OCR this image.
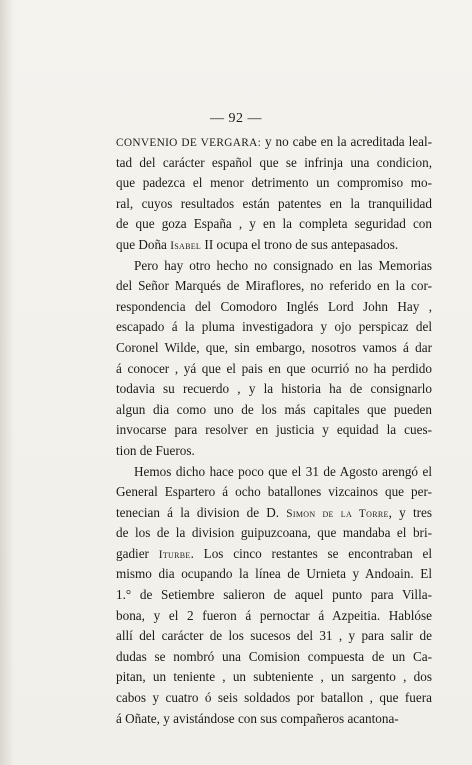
— 92 —
CONVENIO DE VERGARA: y no cabe en la acreditada leal-
tad del carácter español que se infrinja una condicion,
que padezca el menor detrimento un compromiso mo-
ral, cuyos resultados están patentes en la tranquilidad
de que goza España , y en la completa seguridad con
que Doña Isabel II ocupa el trono de sus antepasados.
Pero hay otro hecho no consignado en las Memorias
del Señor Marqués de Miraflores, no referido en la cor-
respondencia del Comodoro Inglés Lord John Hay ,
escapado á la pluma investigadora y ojo perspicaz del
Coronel Wilde, que, sin embargo, nosotros vamos á dar
á conocer , yá que el pais en que ocurrió no ha perdido
todavia su recuerdo , y la historia ha de consignarlo
algun dia como uno de los más capitales que pueden
invocarse para resolver en justicia y equidad la cues-
tion de Fueros.
Hemos dicho hace poco que el 31 de Agosto arengó el
General Espartero á ocho batallones vizcainos que per-
tenecian á la division de D. Simon de la Torre, y tres
de los de la division guipuzcoana, que mandaba el bri-
gadier Iturbe. Los cinco restantes se encontraban el
mismo dia ocupando la línea de Urnieta y Andoain. El
1.° de Setiembre salieron de aquel punto para Villa-
bona, y el 2 fueron á pernoctar á Azpeitia. Hablóse
allí del carácter de los sucesos del 31 , y para salir de
dudas se nombró una Comision compuesta de un Ca-
pitan, un teniente , un subteniente , un sargento , dos
cabos y cuatro ó seis soldados por batallon , que fuera
á Oñate, y avistándose con sus compañeros acantona-
